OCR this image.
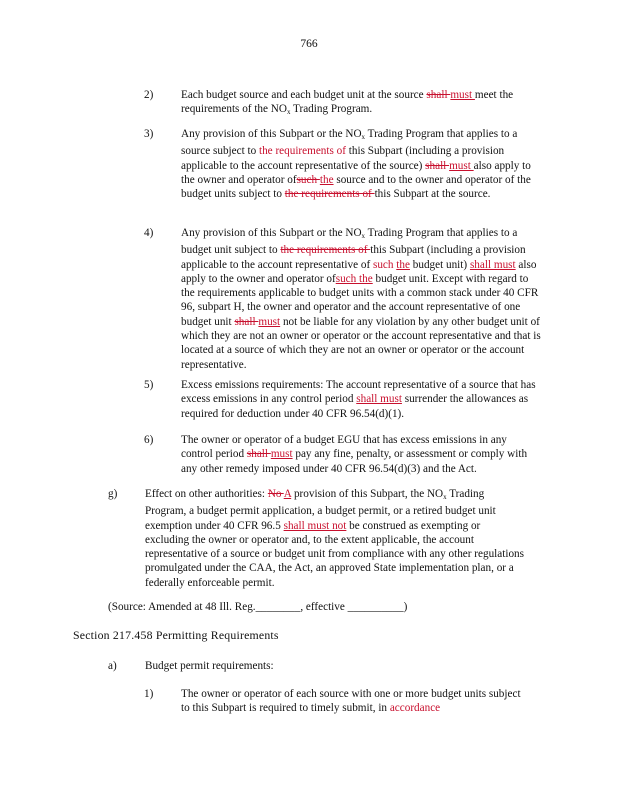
766
2) Each budget source and each budget unit at the source shall must meet the requirements of the $NO_x$ Trading Program.
3) Any provision of this Subpart or the $NO_x$ Trading Program that applies to a source subject to the requirements of this Subpart (including a provision applicable to the account representative of the source) shall must also apply to the owner and operator ofsuch the source and to the owner and operator of the budget units subject to the requirements of this Subpart at the source.
4) Any provision of this Subpart or the $NO_x$ Trading Program that applies to a budget unit subject to the requirements of this Subpart (including a provision applicable to the account representative of such the budget unit) shall must also apply to the owner and operator ofsuch the budget unit. Except with regard to the requirements applicable to budget units with a common stack under 40 CFR 96, subpart H, the owner and operator and the account representative of one budget unit shall must not be liable for any violation by any other budget unit of which they are not an owner or operator or the account representative and that is located at a source of which they are not an owner or operator or the account representative.
5) Excess emissions requirements: The account representative of a source that has excess emissions in any control period shall must surrender the allowances as required for deduction under 40 CFR 96.54(d)(1).
6) The owner or operator of a budget EGU that has excess emissions in any control period shall must pay any fine, penalty, or assessment or comply with any other remedy imposed under 40 CFR 96.54(d)(3) and the Act.
g) Effect on other authorities: No A provision of this Subpart, the $NO_x$ Trading Program, a budget permit application, a budget permit, or a retired budget unit exemption under 40 CFR 96.5 shall must not be construed as exempting or excluding the owner or operator and, to the extent applicable, the account representative of a source or budget unit from compliance with any other regulations promulgated under the CAA, the Act, an approved State implementation plan, or a federally enforceable permit.
(Source: Amended at 48 Ill. Reg.________, effective __________)
Section 217.458 Permitting Requirements
a)	Budget permit requirements:
1) The owner or operator of each source with one or more budget units subject to this Subpart is required to timely submit, in accordance
